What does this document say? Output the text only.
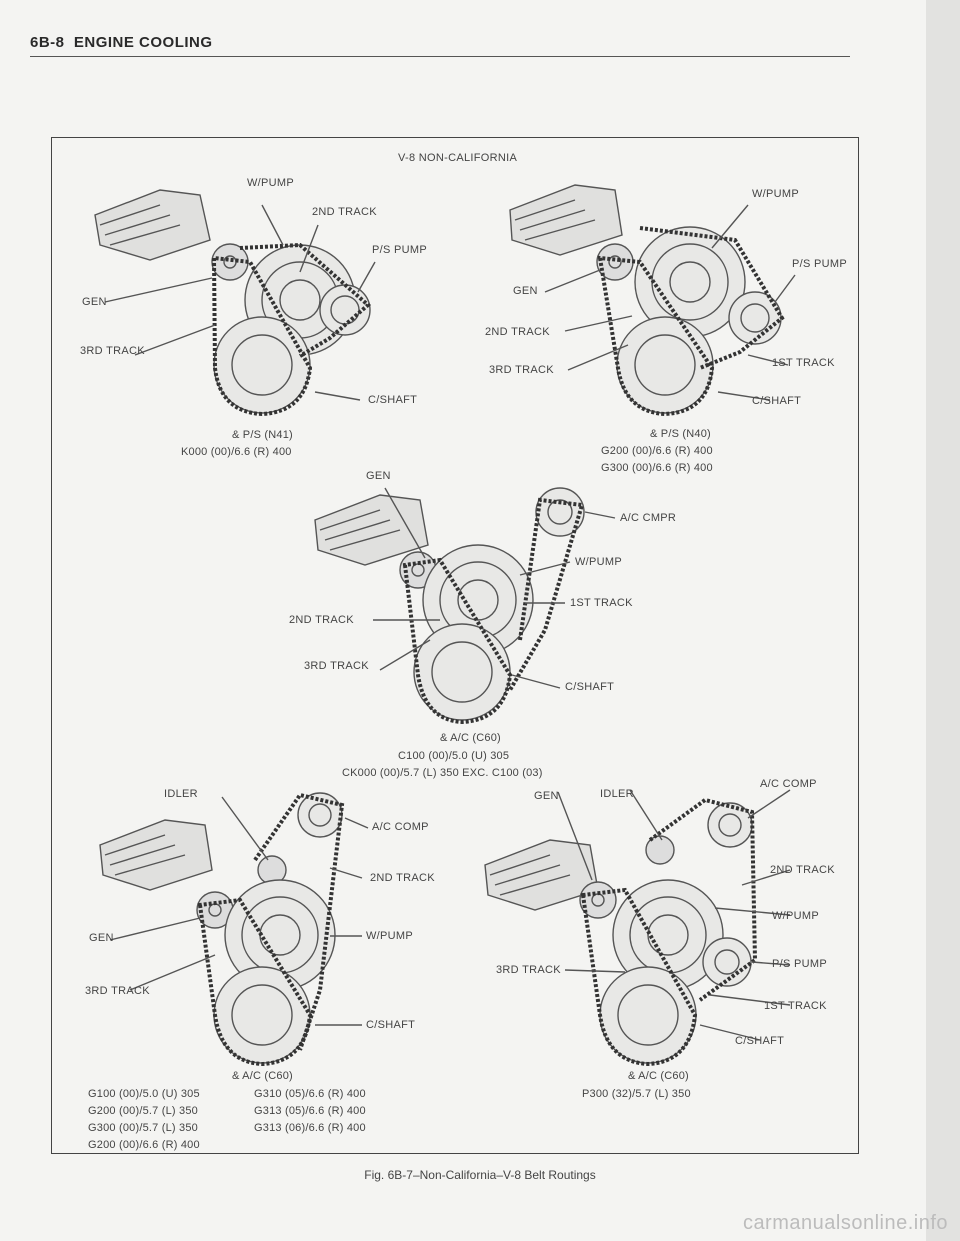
6B-8 ENGINE COOLING
V-8 NON-CALIFORNIA
W/PUMP
2ND TRACK
P/S PUMP
GEN
3RD TRACK
C/SHAFT
& P/S (N41)
K000 (00)/6.6 (R) 400
W/PUMP
P/S PUMP
GEN
2ND TRACK
3RD TRACK
1ST TRACK
C/SHAFT
& P/S (N40)
G200 (00)/6.6 (R) 400
G300 (00)/6.6 (R) 400
GEN
A/C CMPR
W/PUMP
1ST TRACK
2ND TRACK
3RD TRACK
C/SHAFT
& A/C (C60)
C100 (00)/5.0 (U) 305
CK000 (00)/5.7 (L) 350 EXC. C100 (03)
IDLER
A/C COMP
2ND TRACK
GEN	W/PUMP
3RD TRACK
C/SHAFT
& A/C (C60)
G100 (00)/5.0 (U) 305
G200 (00)/5.7 (L) 350
G300 (00)/5.7 (L) 350
G200 (00)/6.6 (R) 400
G310 (05)/6.6 (R) 400
G313 (05)/6.6 (R) 400
G313 (06)/6.6 (R) 400
A/C COMP
GEN	IDLER
2ND TRACK
W/PUMP
P/S PUMP
3RD TRACK
1ST TRACK
C/SHAFT
& A/C (C60)
P300 (32)/5.7 (L) 350
Fig. 6B-7–Non-California–V-8 Belt Routings
carmanualsonline.info
